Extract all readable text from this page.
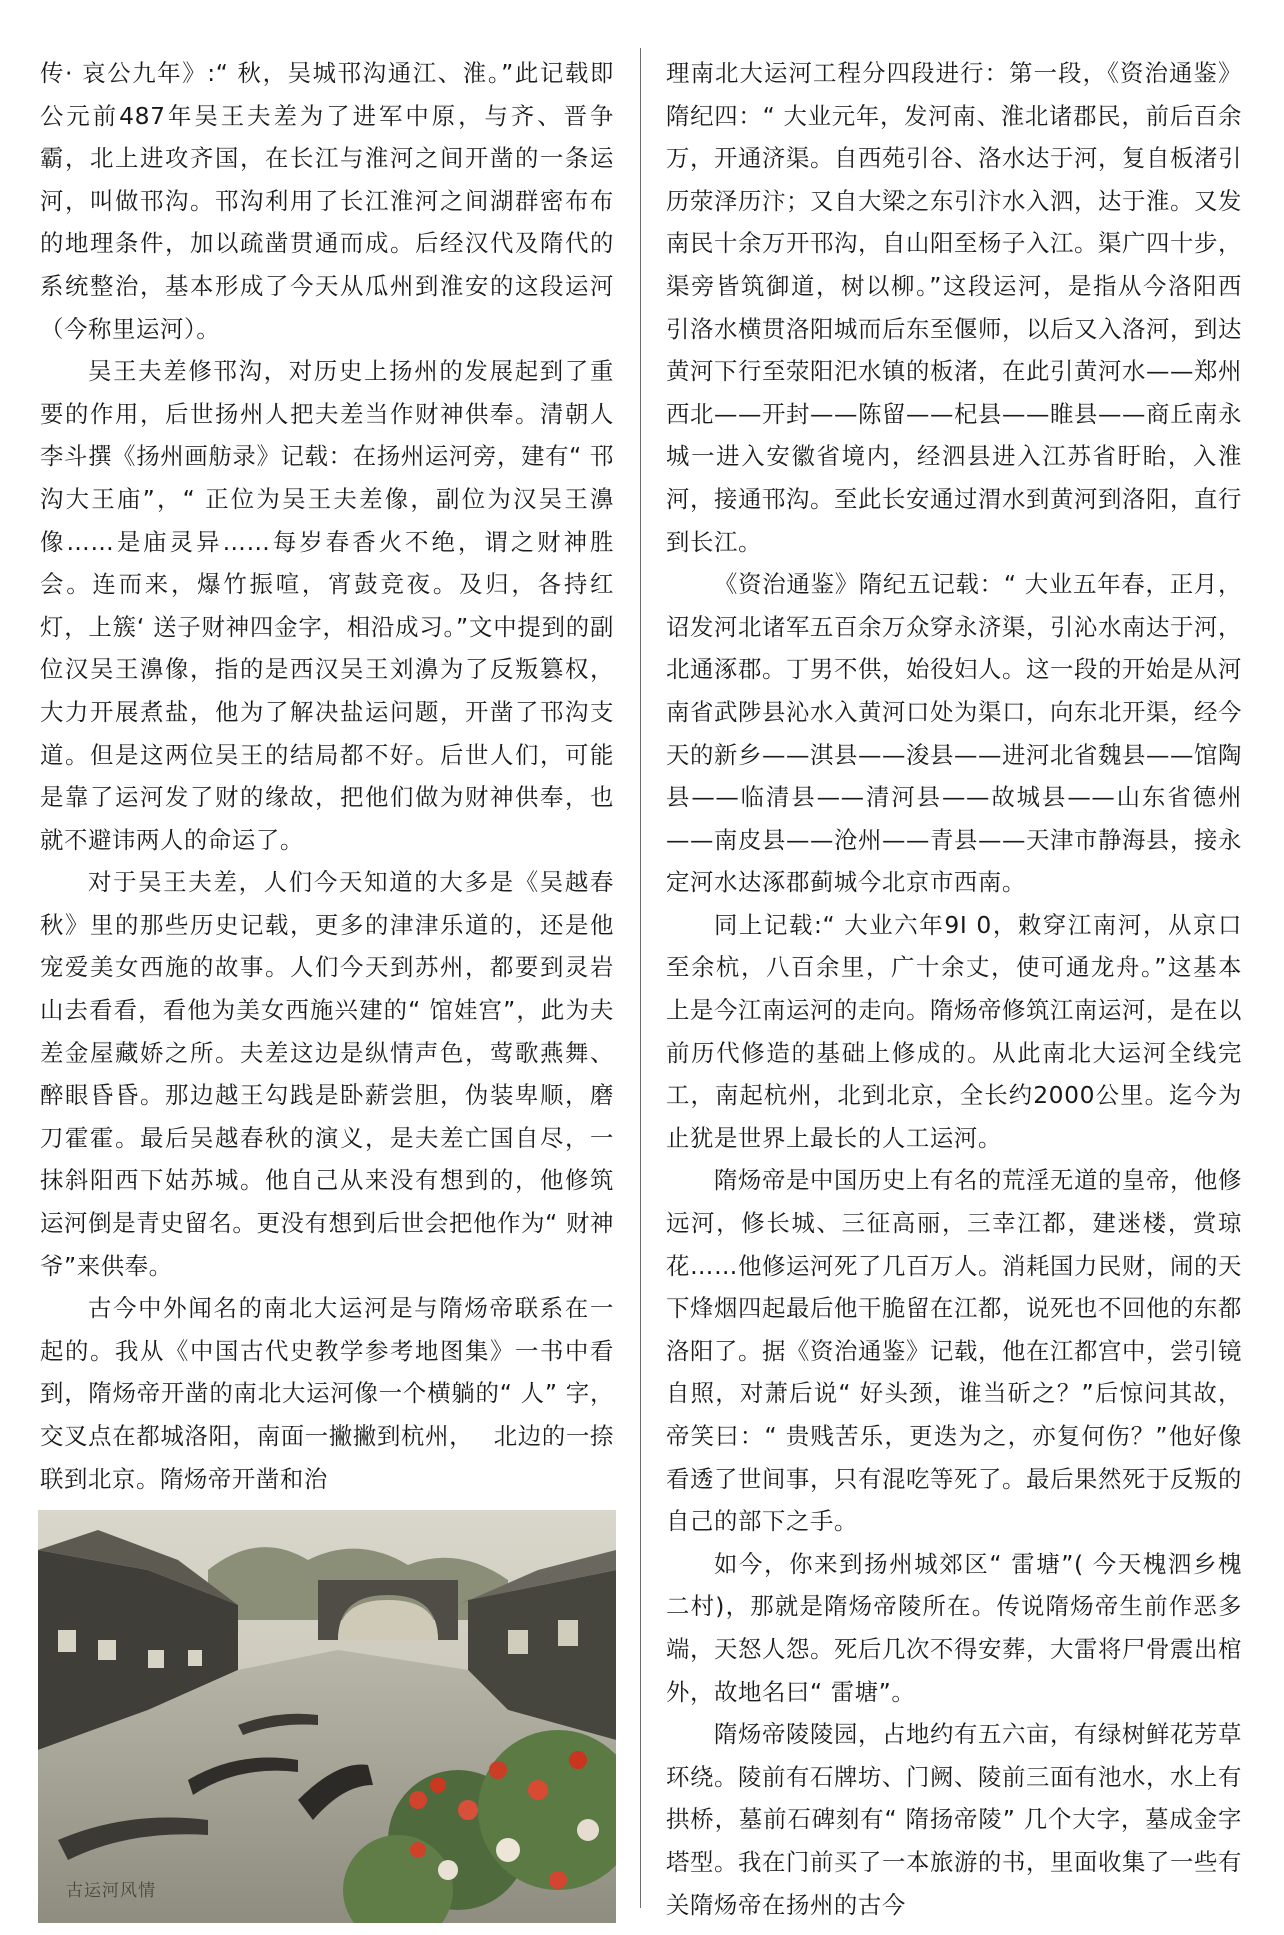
传· 哀公九年》:“ 秋，吴城邗沟通江、淮。”此记载即公元前487年吴王夫差为了进军中原，与齐、晋争霸，北上进攻齐国，在长江与淮河之间开凿的一条运河，叫做邗沟。邗沟利用了长江淮河之间湖群密布布的地理条件，加以疏凿贯通而成。后经汉代及隋代的系统整治，基本形成了今天从瓜州到淮安的这段运河（今称里运河）。

吴王夫差修邗沟，对历史上扬州的发展起到了重要的作用，后世扬州人把夫差当作财神供奉。清朝人李斗撰《扬州画舫录》记载：在扬州运河旁，建有“ 邗沟大王庙”，“ 正位为吴王夫差像，副位为汉吴王濞像……是庙灵异……每岁春香火不绝，谓之财神胜会。连而来，爆竹振喧，宵鼓竞夜。及归，各持红灯，上簇‘ 送子财神四金字，相沿成习。”文中提到的副位汉吴王濞像，指的是西汉吴王刘濞为了反叛篡权，大力开展煮盐，他为了解决盐运问题，开凿了邗沟支道。但是这两位吴王的结局都不好。后世人们，可能是靠了运河发了财的缘故，把他们做为财神供奉，也就不避讳两人的命运了。

对于吴王夫差，人们今天知道的大多是《吴越春秋》里的那些历史记载，更多的津津乐道的，还是他宠爱美女西施的故事。人们今天到苏州，都要到灵岩山去看看，看他为美女西施兴建的“ 馆娃宫”，此为夫差金屋藏娇之所。夫差这边是纵情声色，莺歌燕舞、醉眼昏昏。那边越王勾践是卧薪尝胆，伪装卑顺，磨刀霍霍。最后吴越春秋的演义，是夫差亡国自尽，一抹斜阳西下姑苏城。他自己从来没有想到的，他修筑运河倒是青史留名。更没有想到后世会把他作为“ 财神爷”来供奉。

古今中外闻名的南北大运河是与隋炀帝联系在一起的。我从《中国古代史教学参考地图集》一书中看到，隋炀帝开凿的南北大运河像一个横躺的“ 人” 字，交叉点在都城洛阳，南面一撇撇到杭州，　 北边的一捺联到北京。隋炀帝开凿和治

古运河风情

理南北大运河工程分四段进行：第一段，《资治通鉴》隋纪四：“ 大业元年，发河南、淮北诸郡民，前后百余万，开通济渠。自西苑引谷、洛水达于河，复自板渚引历荥泽历汴；又自大梁之东引汴水入泗，达于淮。又发南民十余万开邗沟，自山阳至杨子入江。渠广四十步，渠旁皆筑御道，树以柳。”这段运河，是指从今洛阳西引洛水横贯洛阳城而后东至偃师，以后又入洛河，到达黄河下行至荥阳汜水镇的板渚，在此引黄河水——郑州西北——开封——陈留——杞县——睢县——商丘南永城一进入安徽省境内，经泗县进入江苏省盱眙，入淮河，接通邗沟。至此长安通过渭水到黄河到洛阳，直行到长江。

《资治通鉴》隋纪五记载：“ 大业五年春，正月，诏发河北诸军五百余万众穿永济渠，引沁水南达于河，北通涿郡。丁男不供，始役妇人。这一段的开始是从河南省武陟县沁水入黄河口处为渠口，向东北开渠，经今天的新乡——淇县——浚县——进河北省魏县——馆陶县——临清县——清河县——故城县——山东省德州——南皮县——沧州——青县——天津市静海县，接永定河水达涿郡蓟城今北京市西南。

同上记载:“ 大业六年9I 0，敕穿江南河，从京口至余杭，八百余里，广十余丈，使可通龙舟。”这基本上是今江南运河的走向。隋炀帝修筑江南运河，是在以前历代修造的基础上修成的。从此南北大运河全线完工，南起杭州，北到北京，全长约2000公里。迄今为止犹是世界上最长的人工运河。

隋炀帝是中国历史上有名的荒淫无道的皇帝，他修远河，修长城、三征高丽，三幸江都，建迷楼，赏琼花……他修运河死了几百万人。消耗国力民财，闹的天下烽烟四起最后他干脆留在江都，说死也不回他的东都洛阳了。据《资治通鉴》记载，他在江都宫中，尝引镜自照，对萧后说“ 好头颈，谁当斫之？”后惊问其故，帝笑曰：“ 贵贱苦乐，更迭为之，亦复何伤？”他好像看透了世间事，只有混吃等死了。最后果然死于反叛的自己的部下之手。

如今，你来到扬州城郊区“ 雷塘”( 今天槐泗乡槐二村)，那就是隋炀帝陵所在。传说隋炀帝生前作恶多端，天怒人怨。死后几次不得安葬，大雷将尸骨震出棺外，故地名曰“ 雷塘”。

隋炀帝陵陵园，占地约有五六亩，有绿树鲜花芳草环绕。陵前有石牌坊、门阙、陵前三面有池水，水上有拱桥，墓前石碑刻有“ 隋扬帝陵” 几个大字，墓成金字塔型。我在门前买了一本旅游的书，里面收集了一些有关隋炀帝在扬州的古今
